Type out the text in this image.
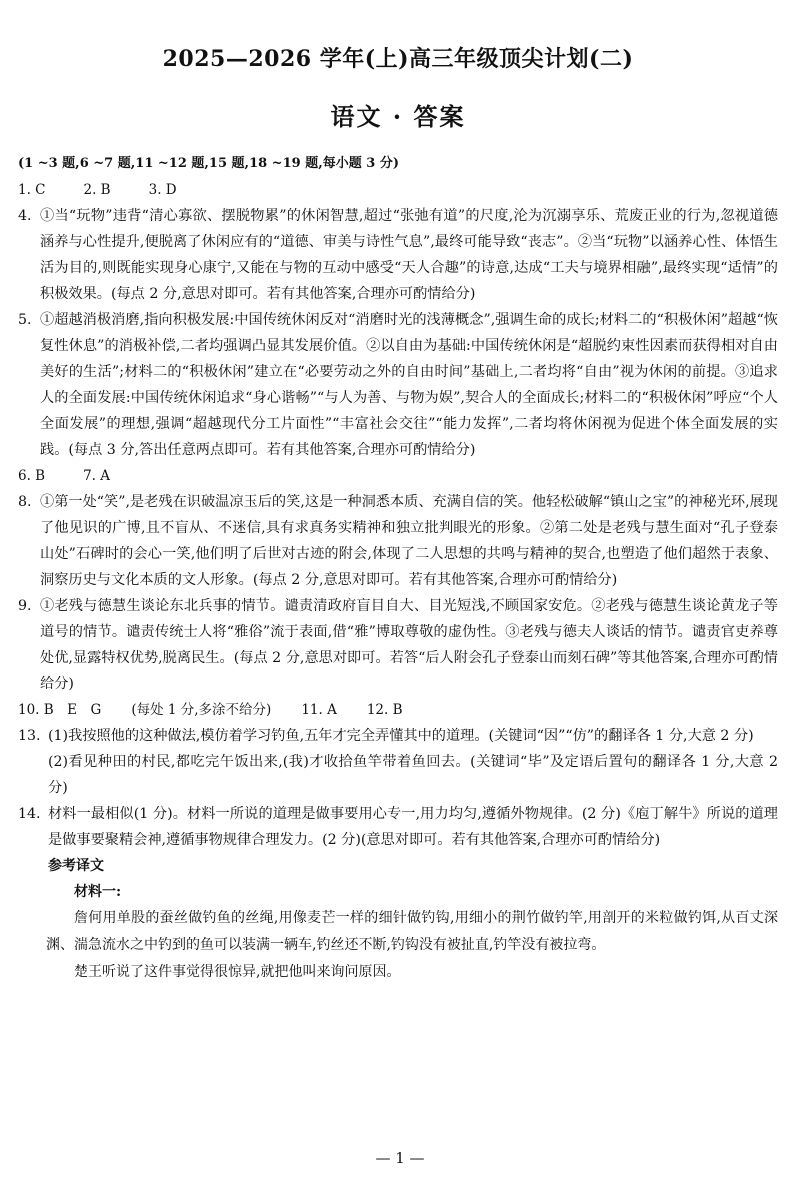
2025—2026 学年(上)高三年级顶尖计划(二)
语文 · 答案
(1 ~3 题,6 ~7 题,11 ~12 题,15 题,18 ~19 题,每小题 3 分)
1. C	2. B	3. D
4. ①当“玩物”违背“清心寡欲、摆脱物累”的休闲智慧,超过“张弛有道”的尺度,沦为沉溺享乐、荒废正业的行为,忽视道德涵养与心性提升,便脱离了休闲应有的“道德、审美与诗性气息”,最终可能导致“丧志”。②当“玩物”以涵养心性、体悟生活为目的,则既能实现身心康宁,又能在与物的互动中感受“天人合趣”的诗意,达成“工夫与境界相融”,最终实现“适情”的积极效果。(每点 2 分,意思对即可。若有其他答案,合理亦可酌情给分)
5. ①超越消极消磨,指向积极发展:中国传统休闲反对“消磨时光的浅薄概念”,强调生命的成长;材料二的“积极休闲”超越“恢复性休息”的消极补偿,二者均强调凸显其发展价值。②以自由为基础:中国传统休闲是“超脱约束性因素而获得相对自由美好的生活”;材料二的“积极休闲”建立在“必要劳动之外的自由时间”基础上,二者均将“自由”视为休闲的前提。③追求人的全面发展:中国传统休闲追求“身心谐畅”“与人为善、与物为娱”,契合人的全面成长;材料二的“积极休闲”呼应“个人全面发展”的理想,强调“超越现代分工片面性”“丰富社会交往”“能力发挥”,二者均将休闲视为促进个体全面发展的实践。(每点 3 分,答出任意两点即可。若有其他答案,合理亦可酌情给分)
6. B	7. A
8. ①第一处“笑”,是老残在识破温凉玉后的笑,这是一种洞悉本质、充满自信的笑。他轻松破解“镇山之宝”的神秘光环,展现了他见识的广博,且不盲从、不迷信,具有求真务实精神和独立批判眼光的形象。②第二处是老残与慧生面对“孔子登泰山处”石碑时的会心一笑,他们明了后世对古迹的附会,体现了二人思想的共鸣与精神的契合,也塑造了他们超然于表象、洞察历史与文化本质的文人形象。(每点 2 分,意思对即可。若有其他答案,合理亦可酌情给分)
9. ①老残与德慧生谈论东北兵事的情节。谴责清政府盲目自大、目光短浅,不顾国家安危。②老残与德慧生谈论黄龙子等道号的情节。谴责传统士人将“雅俗”流于表面,借“雅”博取尊敬的虚伪性。③老残与德夫人谈话的情节。谴责官吏养尊处优,显露特权优势,脱离民生。(每点 2 分,意思对即可。若答“后人附会孔子登泰山而刻石碑”等其他答案,合理亦可酌情给分)
10. B　E　G (每处 1 分,多涂不给分) 11. A 12. B
13. (1)我按照他的这种做法,模仿着学习钓鱼,五年才完全弄懂其中的道理。(关键词“因”“仿”的翻译各 1 分,大意 2 分)
(2)看见种田的村民,都吃完午饭出来,(我)才收拾鱼竿带着鱼回去。(关键词“毕”及定语后置句的翻译各 1 分,大意 2 分)
14. 材料一最相似(1 分)。材料一所说的道理是做事要用心专一,用力均匀,遵循外物规律。(2 分)《庖丁解牛》所说的道理是做事要聚精会神,遵循事物规律合理发力。(2 分)(意思对即可。若有其他答案,合理亦可酌情给分)
参考译文
材料一:
詹何用单股的蚕丝做钓鱼的丝绳,用像麦芒一样的细针做钓钩,用细小的荆竹做钓竿,用剖开的米粒做钓饵,从百丈深渊、湍急流水之中钓到的鱼可以装满一辆车,钓丝还不断,钓钩没有被扯直,钓竿没有被拉弯。
楚王听说了这件事觉得很惊异,就把他叫来询问原因。
— 1 —
